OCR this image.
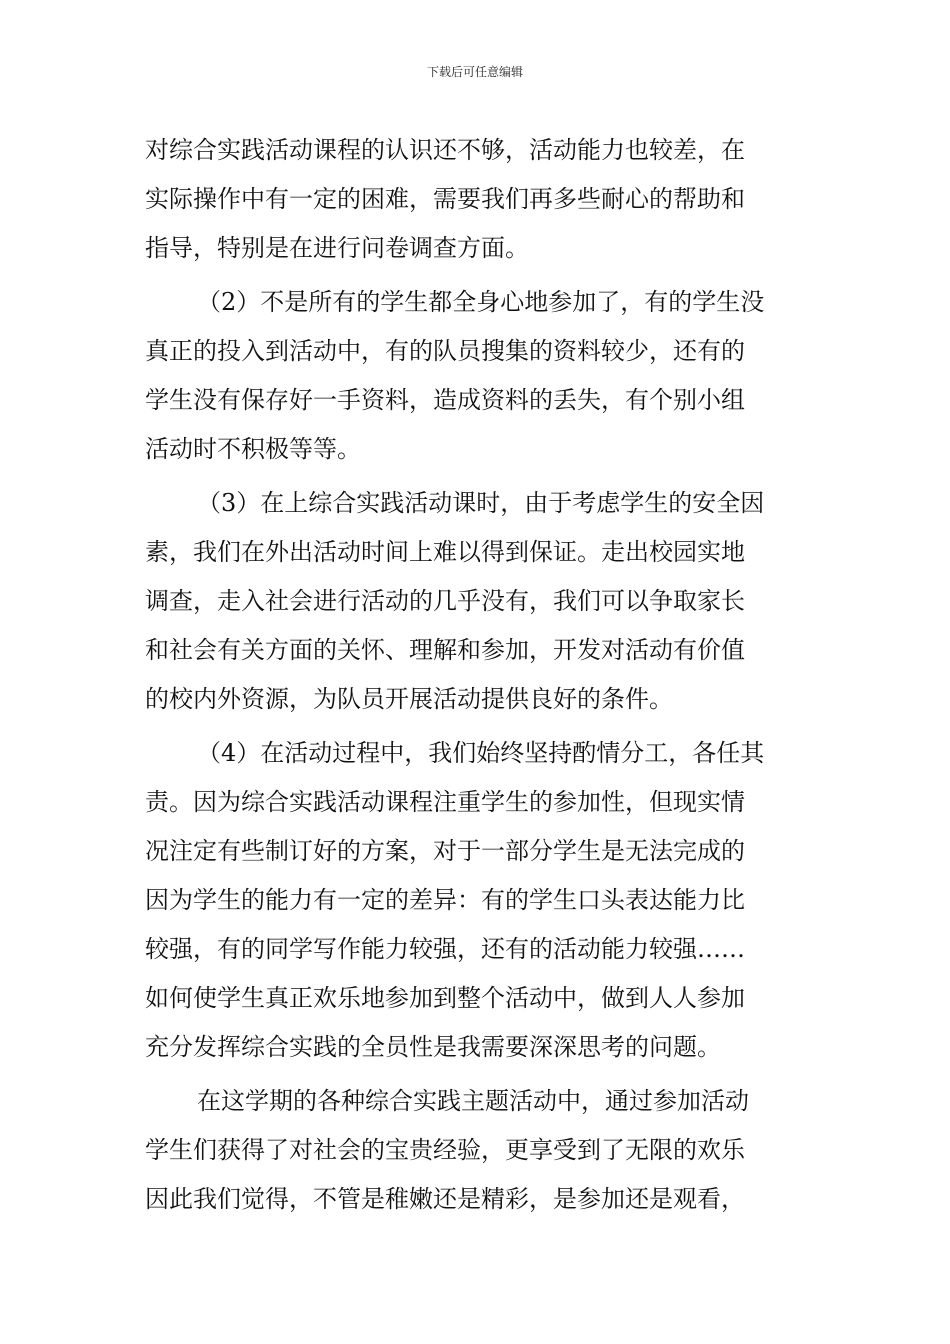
下载后可任意编辑
对综合实践活动课程的认识还不够，活动能力也较差，在
实际操作中有一定的困难，需要我们再多些耐心的帮助和
指导，特别是在进行问卷调查方面。
（2）不是所有的学生都全身心地参加了，有的学生没
真正的投入到活动中，有的队员搜集的资料较少，还有的
学生没有保存好一手资料，造成资料的丢失，有个别小组
活动时不积极等等。
（3）在上综合实践活动课时，由于考虑学生的安全因
素，我们在外出活动时间上难以得到保证。走出校园实地
调查，走入社会进行活动的几乎没有，我们可以争取家长
和社会有关方面的关怀、理解和参加，开发对活动有价值
的校内外资源，为队员开展活动提供良好的条件。
（4）在活动过程中，我们始终坚持酌情分工，各任其
责。因为综合实践活动课程注重学生的参加性，但现实情
况注定有些制订好的方案，对于一部分学生是无法完成的
因为学生的能力有一定的差异：有的学生口头表达能力比
较强，有的同学写作能力较强，还有的活动能力较强……
如何使学生真正欢乐地参加到整个活动中，做到人人参加
充分发挥综合实践的全员性是我需要深深思考的问题。
在这学期的各种综合实践主题活动中，通过参加活动
学生们获得了对社会的宝贵经验，更享受到了无限的欢乐
因此我们觉得，不管是稚嫩还是精彩，是参加还是观看，
